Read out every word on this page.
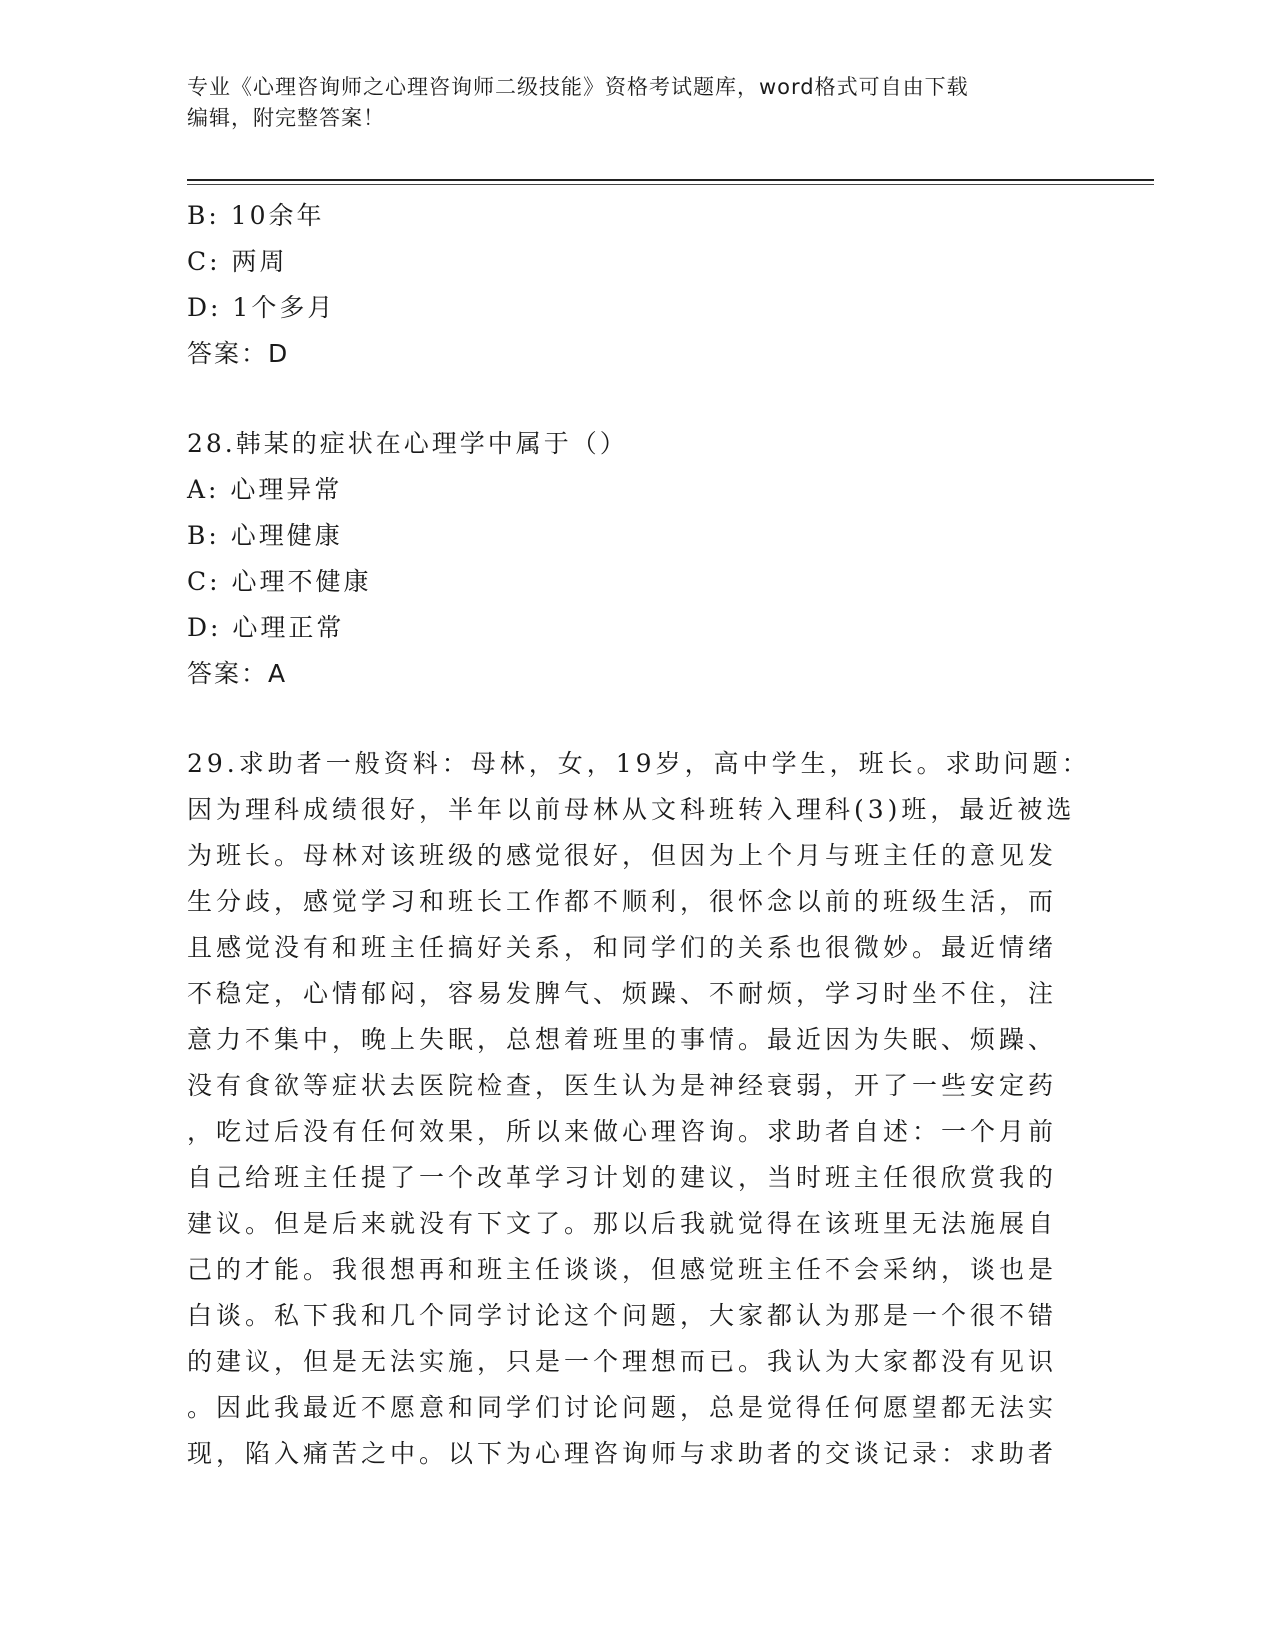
专业《心理咨询师之心理咨询师二级技能》资格考试题库，word格式可自由下载
编辑，附完整答案！
B: 10余年
C: 两周
D: 1个多月
答案：D
28.韩某的症状在心理学中属于（）
A: 心理异常
B: 心理健康
C: 心理不健康
D: 心理正常
答案：A
29.求助者一般资料：母林，女，19岁，高中学生，班长。求助问题：
因为理科成绩很好，半年以前母林从文科班转入理科(3)班，最近被选
为班长。母林对该班级的感觉很好，但因为上个月与班主任的意见发
生分歧，感觉学习和班长工作都不顺利，很怀念以前的班级生活，而
且感觉没有和班主任搞好关系，和同学们的关系也很微妙。最近情绪
不稳定，心情郁闷，容易发脾气、烦躁、不耐烦，学习时坐不住，注
意力不集中，晚上失眠，总想着班里的事情。最近因为失眠、烦躁、
没有食欲等症状去医院检查，医生认为是神经衰弱，开了一些安定药
，吃过后没有任何效果，所以来做心理咨询。求助者自述：一个月前
自己给班主任提了一个改革学习计划的建议，当时班主任很欣赏我的
建议。但是后来就没有下文了。那以后我就觉得在该班里无法施展自
己的才能。我很想再和班主任谈谈，但感觉班主任不会采纳，谈也是
白谈。私下我和几个同学讨论这个问题，大家都认为那是一个很不错
的建议，但是无法实施，只是一个理想而已。我认为大家都没有见识
。因此我最近不愿意和同学们讨论问题，总是觉得任何愿望都无法实
现，陷入痛苦之中。以下为心理咨询师与求助者的交谈记录：求助者
